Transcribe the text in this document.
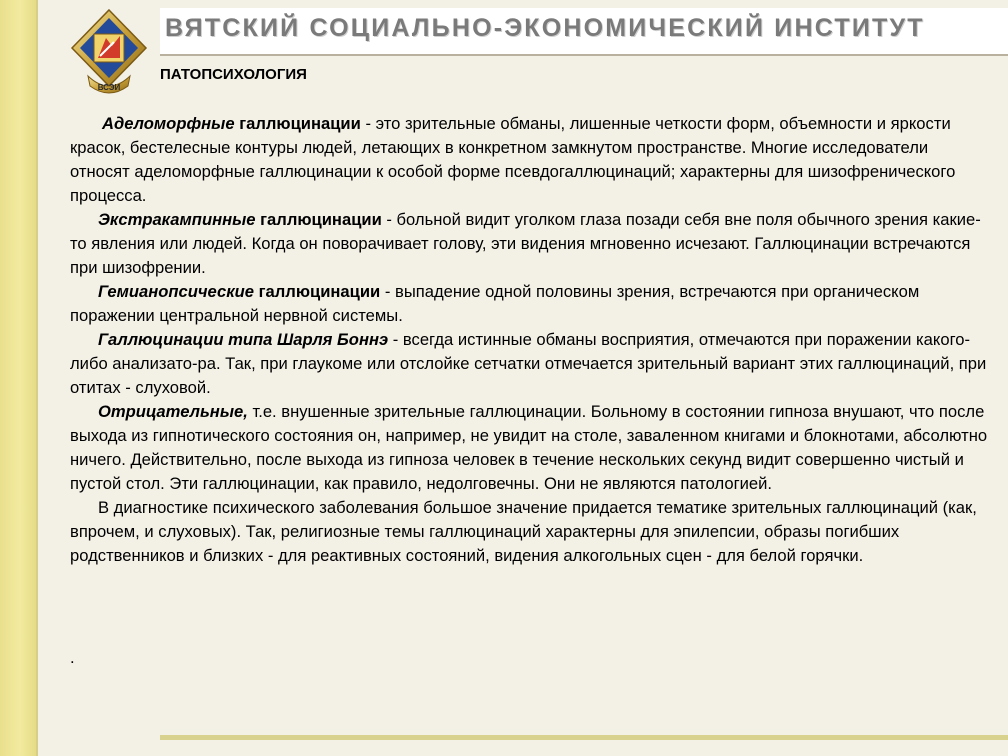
ВЯТСКИЙ СОЦИАЛЬНО-ЭКОНОМИЧЕСКИЙ ИНСТИТУТ
ВСЭИ
ПАТОПСИХОЛОГИЯ

Аделоморфные галлюцинации - это зрительные обманы, лишенные четкости форм, объемности и яркости красок, бестелесные контуры людей, летающих в конкретном замкнутом пространстве. Многие исследователи относят аделоморфные галлюцинации к особой форме псевдогаллюцинаций; характерны для шизофренического процесса.

Экстракампинные галлюцинации - больной видит уголком глаза позади себя вне поля обычного зрения какие-то явления или людей. Когда он поворачивает голову, эти видения мгновенно исчезают. Галлюцинации встречаются при шизофрении.

Гемианопсические галлюцинации - выпадение одной половины зрения, встречаются при органическом поражении центральной нервной системы.

Галлюцинации типа Шарля Боннэ - всегда истинные обманы восприятия, отмечаются при поражении какого-либо анализато-ра. Так, при глаукоме или отслойке сетчатки отмечается зрительный вариант этих галлюцинаций, при отитах - слуховой.

Отрицательные, т.е. внушенные зрительные галлюцинации. Больному в состоянии гипноза внушают, что после выхода из гипнотического состояния он, например, не увидит на столе, заваленном книгами и блокнотами, абсолютно ничего. Действительно, после выхода из гипноза человек в течение нескольких секунд видит совершенно чистый и пустой стол. Эти галлюцинации, как правило, недолговечны. Они не являются патологией.

В диагностике психического заболевания большое значение придается тематике зрительных галлюцинаций (как, впрочем, и слуховых). Так, религиозные темы галлюцинаций характерны для эпилепсии, образы погибших родственников и близких - для реактивных состояний, видения алкогольных сцен - для белой горячки.

.
